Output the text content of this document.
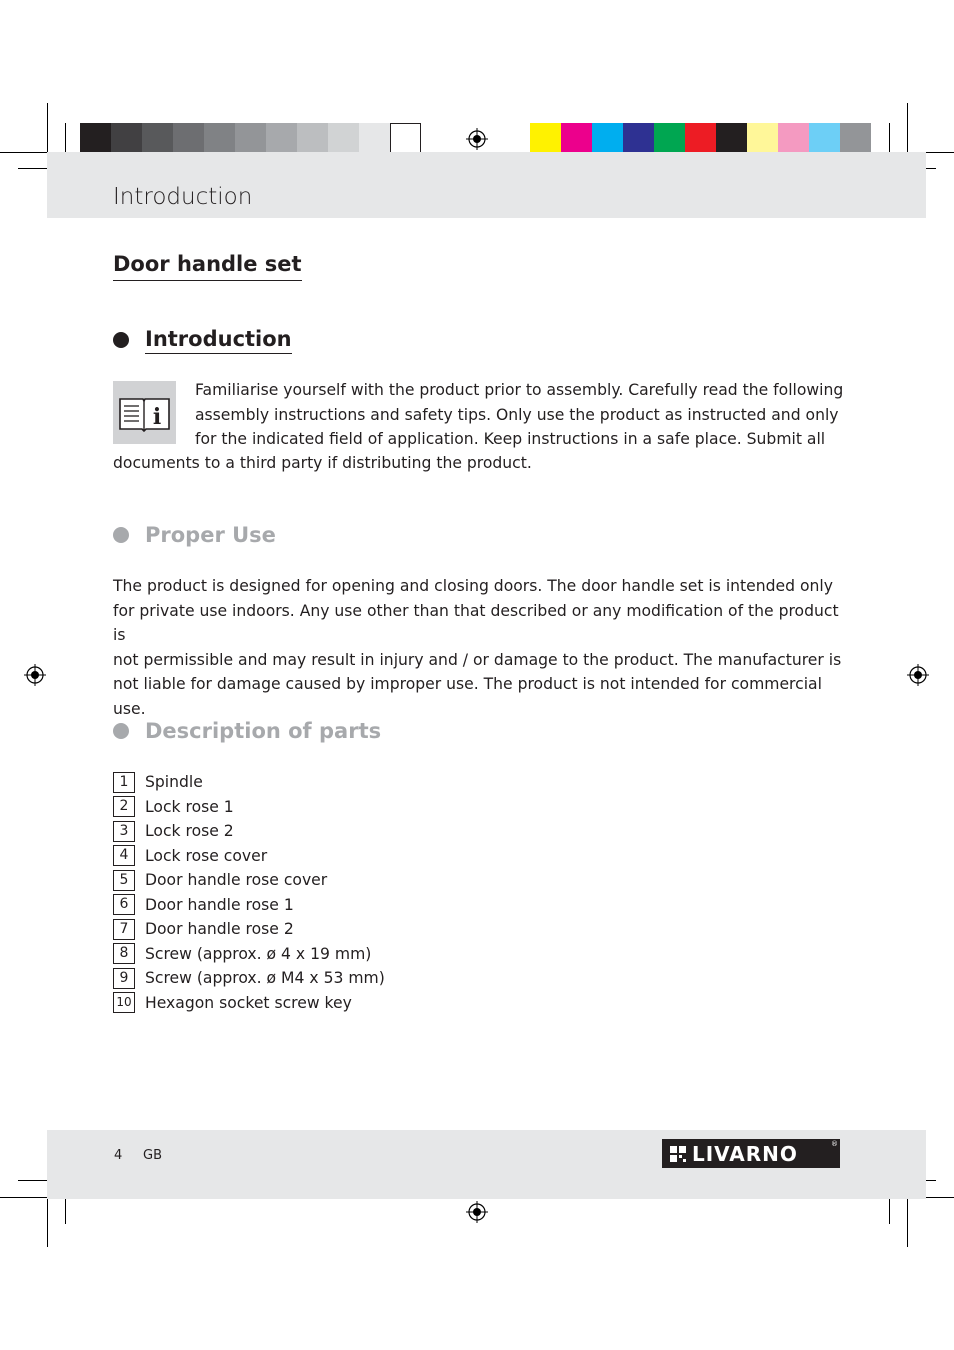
Introduction
Door handle set
Introduction
i
Familiarise yourself with the product prior to assembly. Carefully read the following
assembly instructions and safety tips. Only use the product as instructed and only
for the indicated field of application. Keep instructions in a safe place. Submit all
documents to a third party if distributing the product.
Proper Use
The product is designed for opening and closing doors. The door handle set is intended only
for private use indoors. Any use other than that described or any modification of the product is
not permissible and may result in injury and / or damage to the product. The manufacturer is
not liable for damage caused by improper use. The product is not intended for commercial use.
Description of parts
1	Spindle
2	Lock rose 1
3	Lock rose 2
4	Lock rose cover
5	Door handle rose cover
6	Door handle rose 1
7	Door handle rose 2
8	Screw (approx. ø 4 x 19 mm)
9	Screw (approx. ø M4 x 53 mm)
10 Hexagon socket screw key
4 GB	LIVARNO	®
